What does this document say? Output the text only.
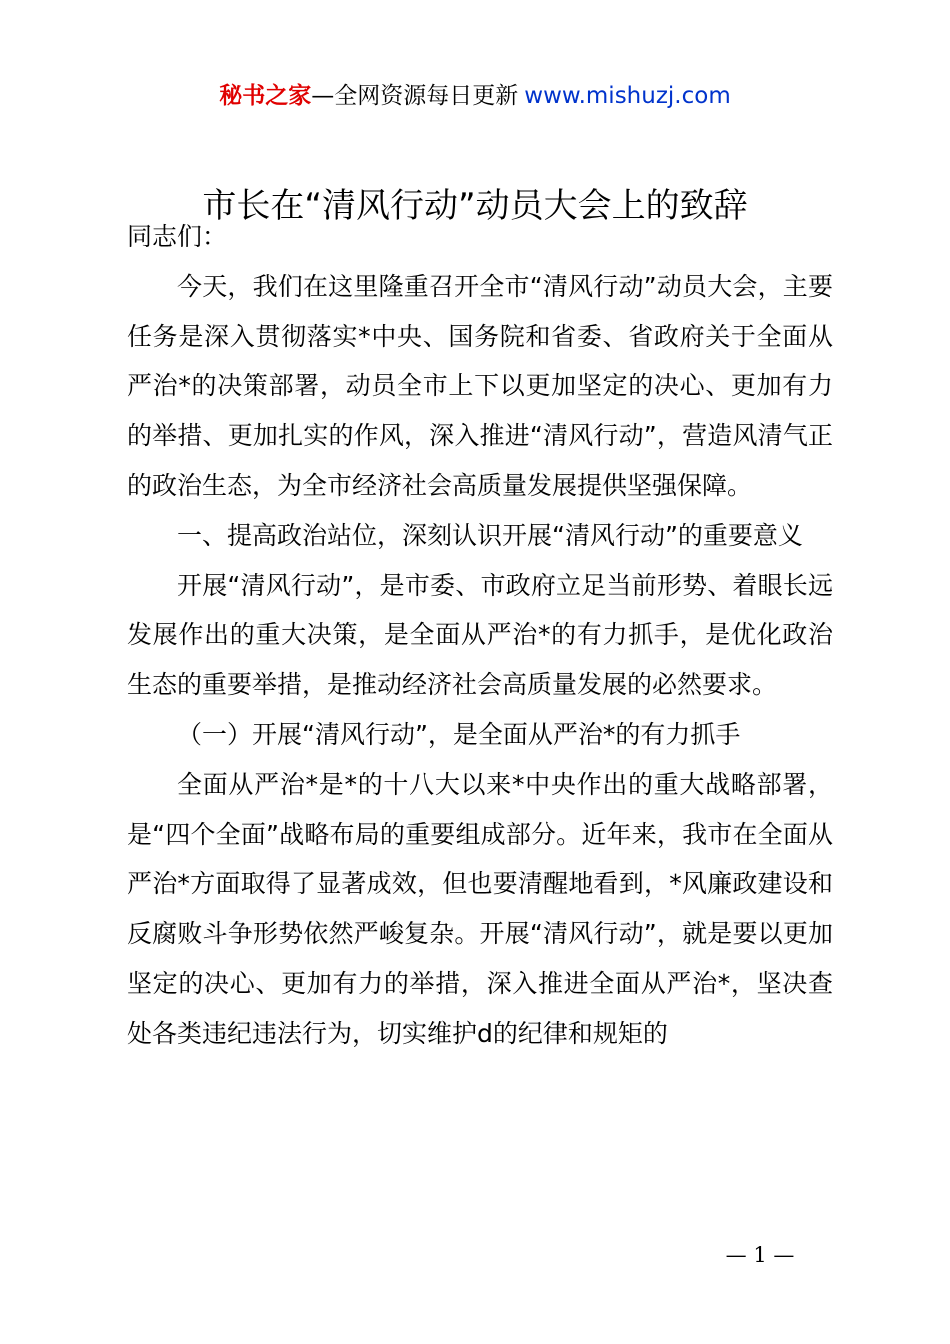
秘书之家—全网资源每日更新 www.mishuzj.com
市长在“清风行动”动员大会上的致辞

同志们：

今天，我们在这里隆重召开全市“清风行动”动员大会，主要任务是深入贯彻落实*中央、国务院和省委、省政府关于全面从严治*的决策部署，动员全市上下以更加坚定的决心、更加有力的举措、更加扎实的作风，深入推进“清风行动”，营造风清气正的政治生态，为全市经济社会高质量发展提供坚强保障。

一、提高政治站位，深刻认识开展“清风行动”的重要意义

开展“清风行动”，是市委、市政府立足当前形势、着眼长远发展作出的重大决策，是全面从严治*的有力抓手，是优化政治生态的重要举措，是推动经济社会高质量发展的必然要求。

（一）开展“清风行动”，是全面从严治*的有力抓手

全面从严治*是*的十八大以来*中央作出的重大战略部署，是“四个全面”战略布局的重要组成部分。近年来，我市在全面从严治*方面取得了显著成效，但也要清醒地看到，*风廉政建设和反腐败斗争形势依然严峻复杂。开展“清风行动”，就是要以更加坚定的决心、更加有力的举措，深入推进全面从严治*，坚决查处各类违纪违法行为，切实维护d的纪律和规矩的

— 1 —
